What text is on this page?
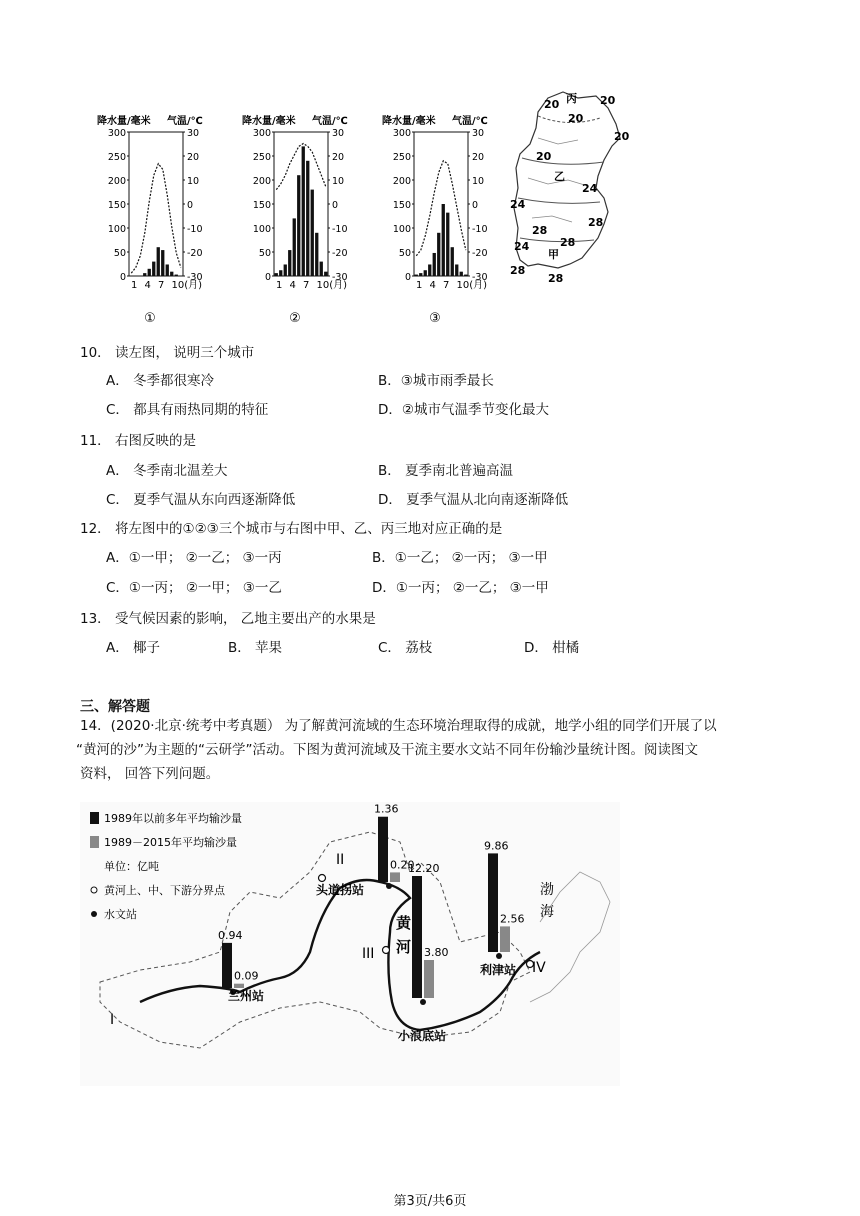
降水量/毫米 气温/℃
300
250
200
150
100
50
0
30
20
10
0
-10
-20
-30
1 4 7 10(月)
①
降水量/毫米 气温/℃
300
250
200
150
100
50
0
30
20
10
0
-10
-20
-30
1 4 7 10(月)
②
降水量/毫米 气温/℃
300
250
200
150
100
50
0
30
20
10
0
-10
-20
-30
1 4 7 10(月)
③
20 丙 20
20
20
20
乙
24
24
28
24
28
28
甲
28
28
10． 读左图， 说明三个城市
A． 冬季都很寒冷	B．③城市雨季最长
C． 都具有雨热同期的特征	D．②城市气温季节变化最大
11． 右图反映的是
A． 冬季南北温差大	B． 夏季南北普遍高温
C． 夏季气温从东向西逐渐降低	D． 夏季气温从北向南逐渐降低
12． 将左图中的①②③三个城市与右图中甲、乙、丙三地对应正确的是
A．①一甲； ②一乙； ③一丙	B．①一乙； ②一丙； ③一甲
C．①一丙； ②一甲； ③一乙	D．①一丙； ②一乙； ③一甲
13． 受气候因素的影响， 乙地主要出产的水果是
A． 椰子	B． 苹果	C． 荔枝	D． 柑橘
三、解答题
14．(2020·北京·统考中考真题） 为了解黄河流域的生态环境治理取得的成就，地学小组的同学们开展了以
“黄河的沙”为主题的“云研学”活动。下图为黄河流域及干流主要水文站不同年份输沙量统计图。阅读图文
资料， 回答下列问题。
1989年以前多年平均输沙量
1989－2015年平均输沙量
单位：亿吨
黄河上、中、下游分界点
水文站
0.94
0.09
兰州站
1.36
0.20
头道拐站
12.20
3.80
小浪底站
9.86
2.56
利津站
I
II
III
IV
黄
河
渤
海
第3页/共6页
